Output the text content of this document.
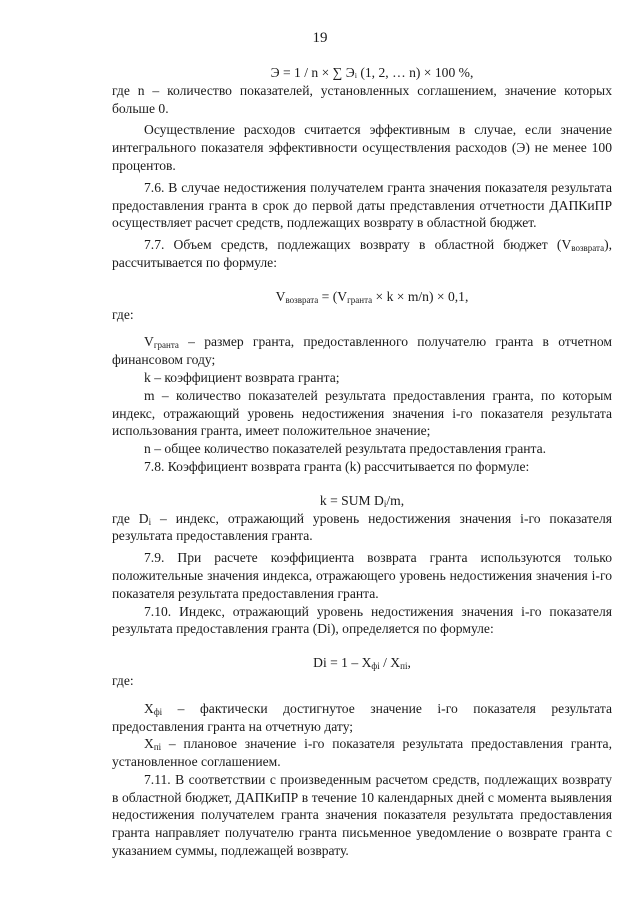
19

Э = 1 / n × ∑ Эᵢ (1, 2, … n) × 100 %,

где n – количество показателей, установленных соглашением, значение которых больше 0.

Осуществление расходов считается эффективным в случае, если значение интегрального показателя эффективности осуществления расходов (Э) не менее 100 процентов.

7.6. В случае недостижения получателем гранта значения показателя результата предоставления гранта в срок до первой даты представления отчетности ДАПКиПР осуществляет расчет средств, подлежащих возврату в областной бюджет.

7.7. Объем средств, подлежащих возврату в областной бюджет $(V_{возврата})$, рассчитывается по формуле:

$V_{возврата} = (V_{гранта} \times k \times m/n) \times 0,1$,

где:

$V_{гранта}$ – размер гранта, предоставленного получателю гранта в отчетном финансовом году;

k – коэффициент возврата гранта;

m – количество показателей результата предоставления гранта, по которым индекс, отражающий уровень недостижения значения i-го показателя результата использования гранта, имеет положительное значение;

n – общее количество показателей результата предоставления гранта.

7.8. Коэффициент возврата гранта (k) рассчитывается по формуле:

k = SUM $D_i/m$,

где $D_i$ – индекс, отражающий уровень недостижения значения i-го показателя результата предоставления гранта.

7.9. При расчете коэффициента возврата гранта используются только положительные значения индекса, отражающего уровень недостижения значения i-го показателя результата предоставления гранта.

7.10. Индекс, отражающий уровень недостижения значения i-го показателя результата предоставления гранта (Di), определяется по формуле:

$Di = 1 - X_{фi} / X_{пi}$,

где:

$X_{фi}$ – фактически достигнутое значение i-го показателя результата предоставления гранта на отчетную дату;

$X_{пi}$ – плановое значение i-го показателя результата предоставления гранта, установленное соглашением.

7.11. В соответствии с произведенным расчетом средств, подлежащих возврату в областной бюджет, ДАПКиПР в течение 10 календарных дней с момента выявления недостижения получателем гранта значения показателя результата предоставления гранта направляет получателю гранта письменное уведомление о возврате гранта с указанием суммы, подлежащей возврату.
